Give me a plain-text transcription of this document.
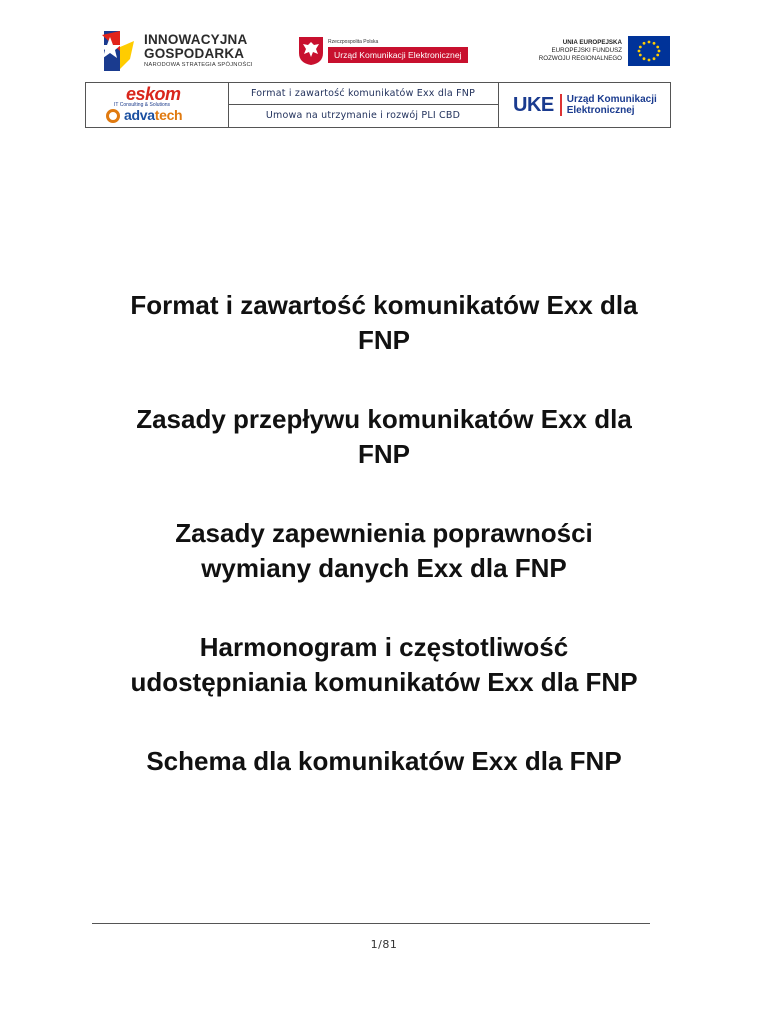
INNOWACYJNA
GOSPODARKA
NARODOWA STRATEGIA SPÓJNOŚCI
Rzeczpospolita Polska
Urząd Komunikacji Elektronicznej
UNIA EUROPEJSKA
EUROPEJSKI FUNDUSZ
ROZWOJU REGIONALNEGO
eskom
IT Consulting & Solutions
advatech
Format i zawartość komunikatów Exx dla FNP
Umowa na utrzymanie i rozwój PLI CBD	UKE Urząd Komunikacji
Elektronicznej
Format i zawartość komunikatów Exx dla
FNP
Zasady przepływu komunikatów Exx dla
FNP
Zasady zapewnienia poprawności
wymiany danych Exx dla FNP
Harmonogram i częstotliwość
udostępniania komunikatów Exx dla FNP
Schema dla komunikatów Exx dla FNP
1/81
